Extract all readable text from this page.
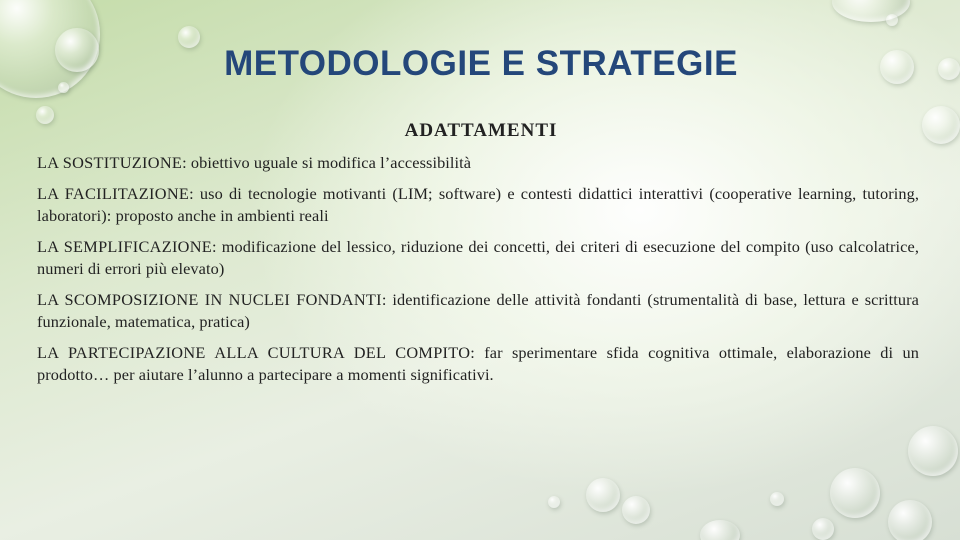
METODOLOGIE E STRATEGIE
ADATTAMENTI

LA SOSTITUZIONE: obiettivo uguale si modifica l’accessibilità

LA FACILITAZIONE: uso di tecnologie motivanti (LIM; software) e contesti didattici interattivi (cooperative learning, tutoring, laboratori): proposto anche in ambienti reali

LA SEMPLIFICAZIONE: modificazione del lessico, riduzione dei concetti, dei criteri di esecuzione del compito (uso calcolatrice, numeri di errori più elevato)

LA SCOMPOSIZIONE IN NUCLEI FONDANTI: identificazione delle attività fondanti (strumentalità di base, lettura e scrittura funzionale, matematica, pratica)

LA PARTECIPAZIONE ALLA CULTURA DEL COMPITO: far sperimentare sfida cognitiva ottimale, elaborazione di un prodotto… per aiutare l’alunno a partecipare a momenti significativi.
